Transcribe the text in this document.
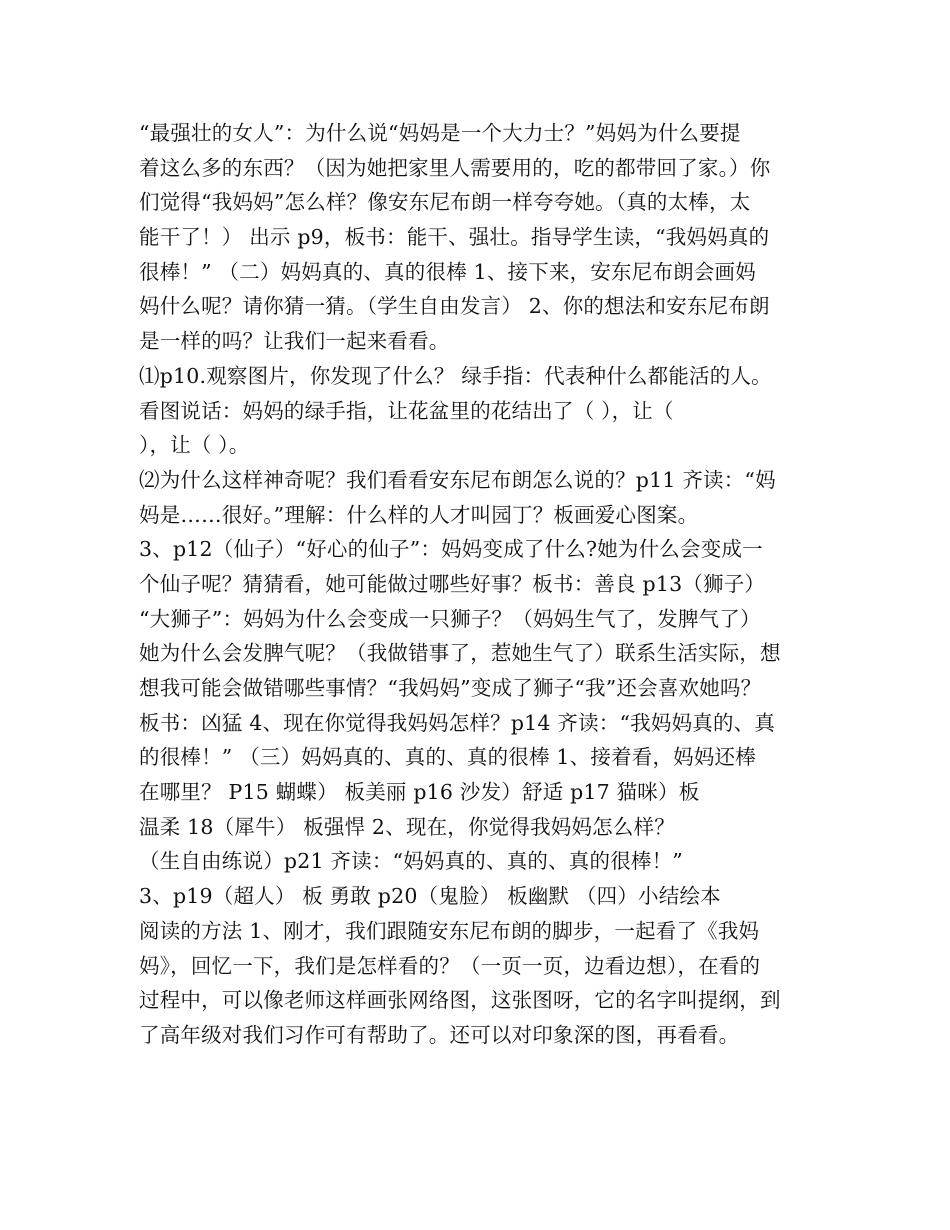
“最强壮的女人”：为什么说“妈妈是一个大力士？”妈妈为什么要提
着这么多的东西？（因为她把家里人需要用的，吃的都带回了家。）你
们觉得“我妈妈”怎么样？像安东尼布朗一样夸夸她。（真的太棒，太
能干了！） 出示 p9，板书：能干、强壮。指导学生读，“我妈妈真的
很棒！” （二）妈妈真的、真的很棒 1、接下来，安东尼布朗会画妈
妈什么呢？请你猜一猜。（学生自由发言） 2、你的想法和安东尼布朗
是一样的吗？让我们一起来看看。
⑴p10.观察图片，你发现了什么？ 绿手指：代表种什么都能活的人。
看图说话：妈妈的绿手指，让花盆里的花结出了（ ），让（
），让（ ）。
⑵为什么这样神奇呢？我们看看安东尼布朗怎么说的？p11 齐读：“妈
妈是……很好。”理解：什么样的人才叫园丁？板画爱心图案。
3、p12（仙子）“好心的仙子”：妈妈变成了什么?她为什么会变成一
个仙子呢？猜猜看，她可能做过哪些好事？板书：善良 p13（狮子）
“大狮子”：妈妈为什么会变成一只狮子？（妈妈生气了，发脾气了）
她为什么会发脾气呢？（我做错事了，惹她生气了）联系生活实际，想
想我可能会做错哪些事情？“我妈妈”变成了狮子“我”还会喜欢她吗？
板书：凶猛 4、现在你觉得我妈妈怎样？p14 齐读：“我妈妈真的、真
的很棒！” （三）妈妈真的、真的、真的很棒 1、接着看，妈妈还棒
在哪里？ P15 蝴蝶） 板美丽 p16 沙发）舒适 p17 猫咪）板
温柔 18（犀牛） 板强悍 2、现在，你觉得我妈妈怎么样？
（生自由练说）p21 齐读：“妈妈真的、真的、真的很棒！”
3、p19（超人） 板 勇敢 p20（鬼脸） 板幽默 （四）小结绘本
阅读的方法 1、刚才，我们跟随安东尼布朗的脚步，一起看了《我妈
妈》，回忆一下，我们是怎样看的？（一页一页，边看边想），在看的
过程中，可以像老师这样画张网络图，这张图呀，它的名字叫提纲，到
了高年级对我们习作可有帮助了。还可以对印象深的图，再看看。
